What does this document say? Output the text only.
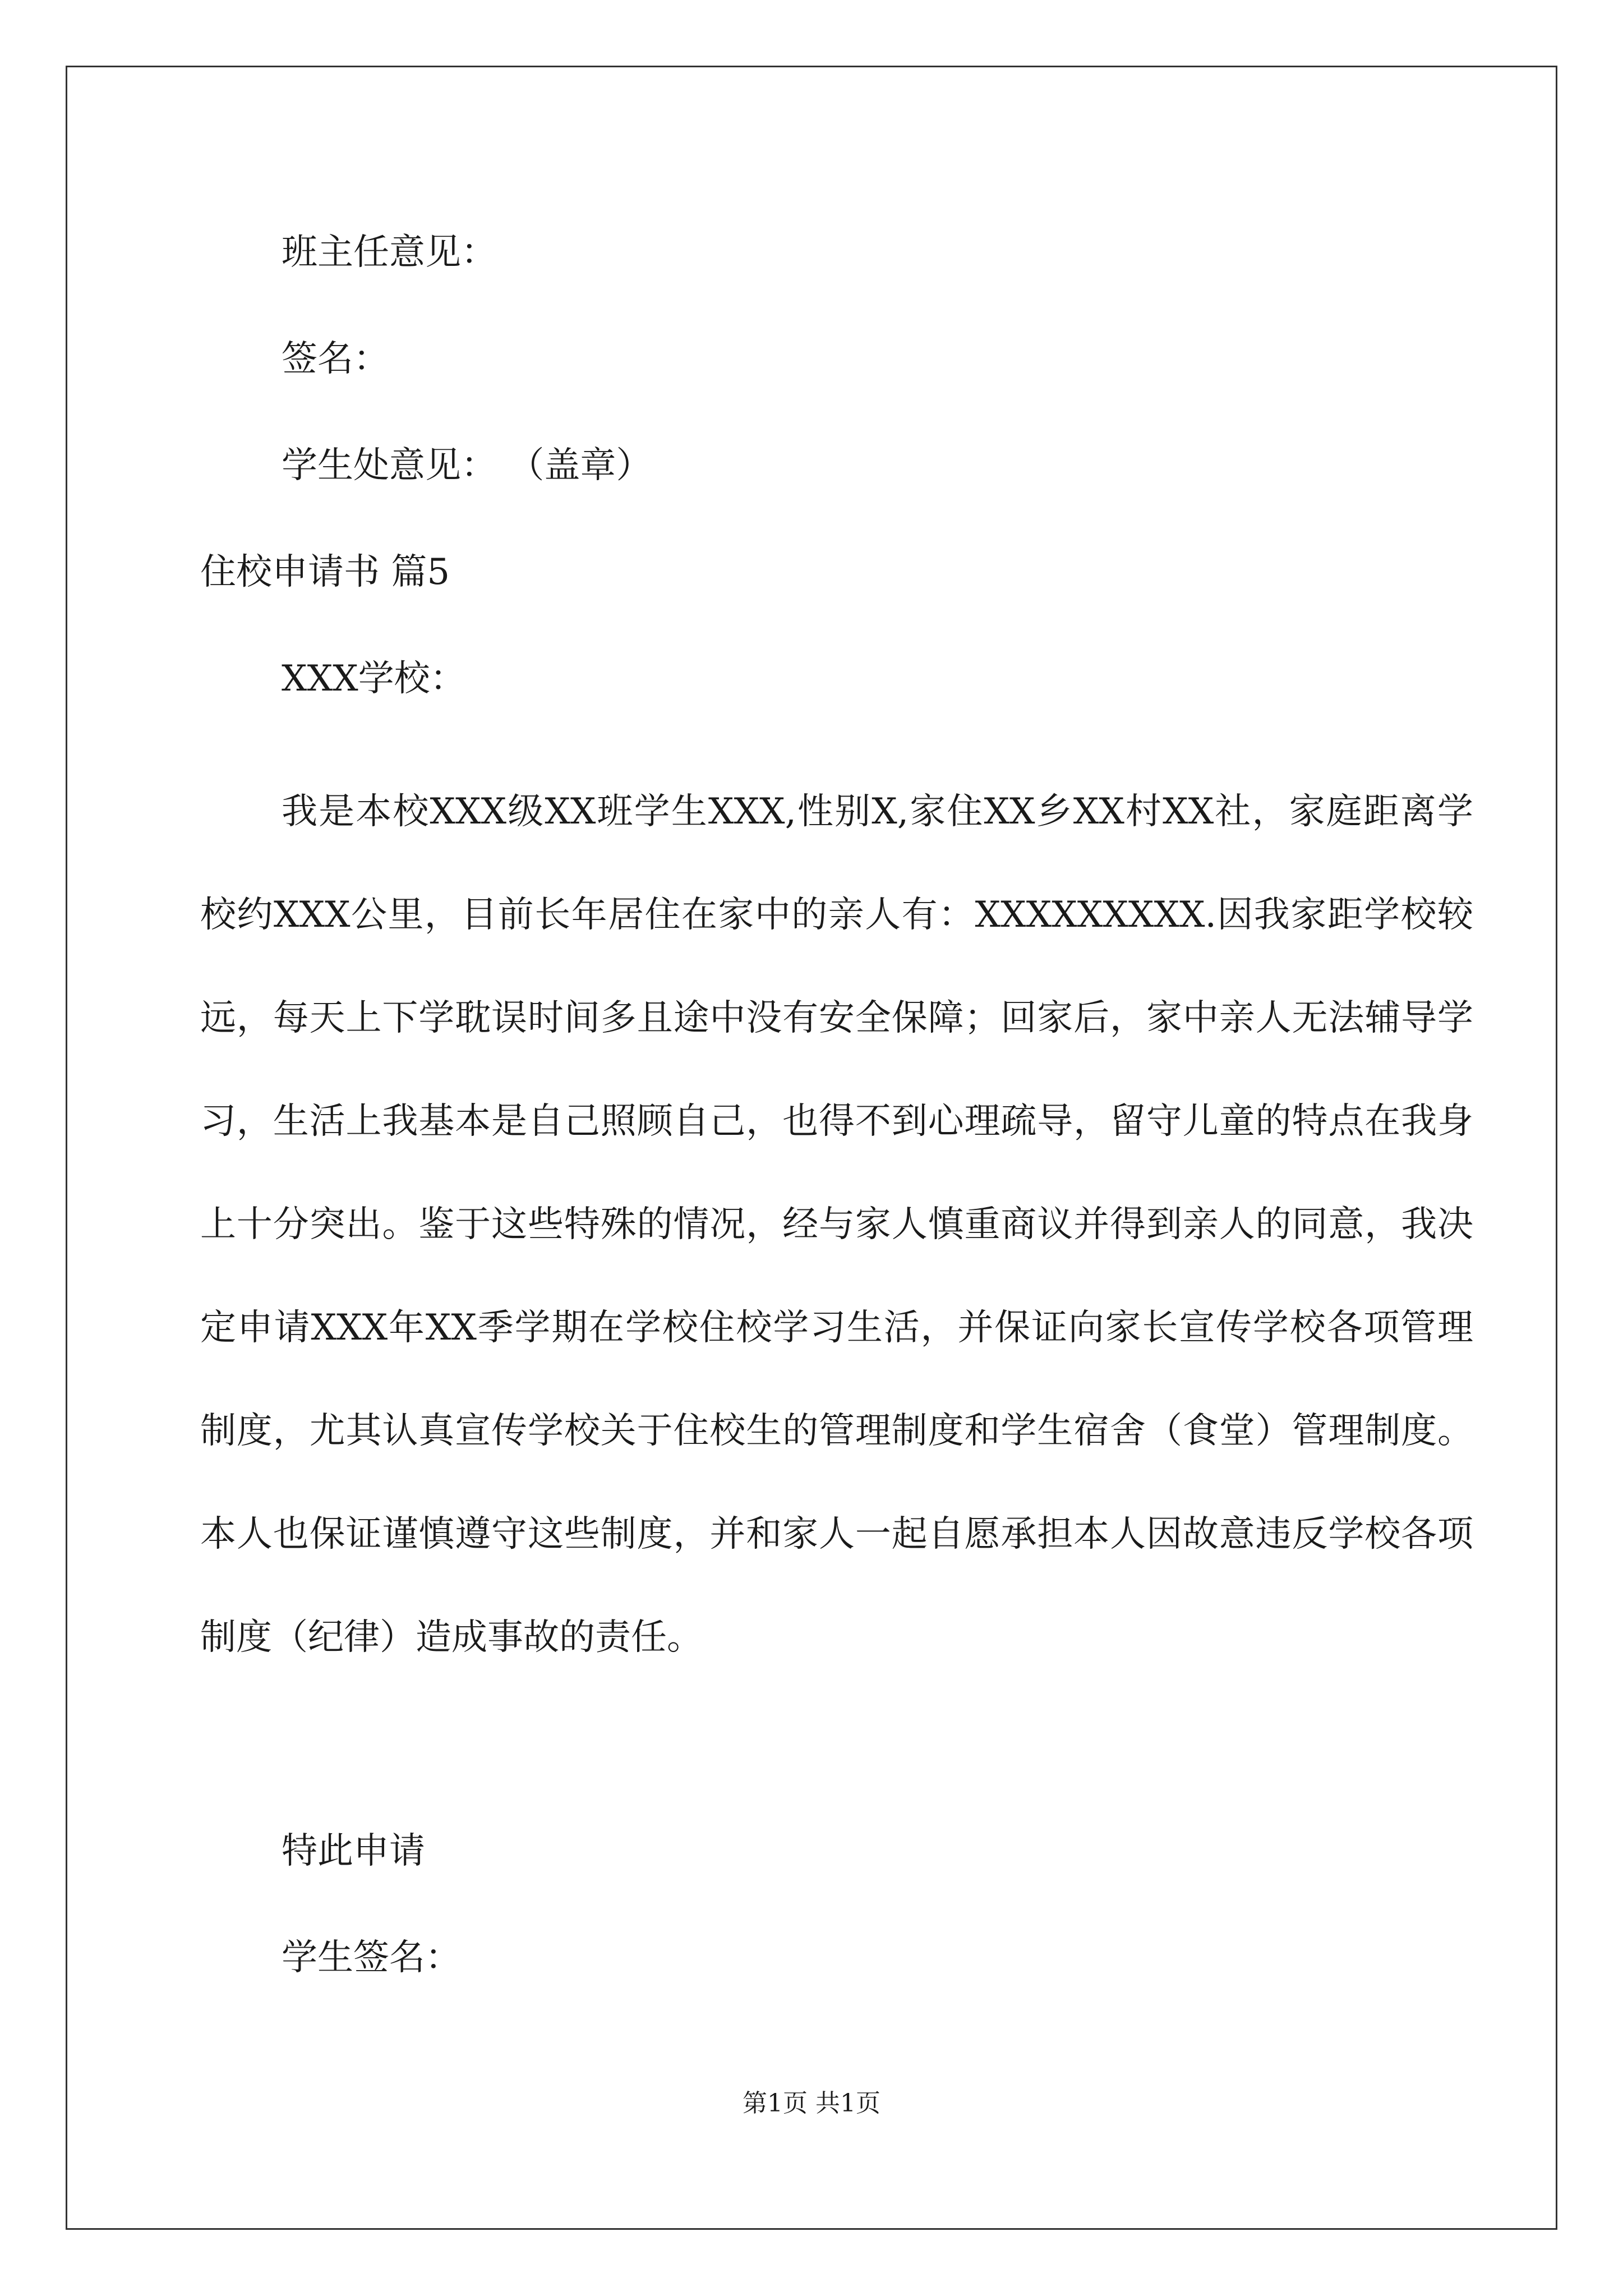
班主任意见：

签名：

学生处意见： （盖章）

住校申请书 篇5

XXX学校：

我是本校XXX级XX班学生XXX,性别X,家住XX乡XX村XX社，家庭距离学校约XXX公里，目前长年居住在家中的亲人有：XXXXXXXXX.因我家距学校较远，每天上下学耽误时间多且途中没有安全保障；回家后，家中亲人无法辅导学习，生活上我基本是自己照顾自己，也得不到心理疏导，留守儿童的特点在我身上十分突出。鉴于这些特殊的情况，经与家人慎重商议并得到亲人的同意，我决定申请XXX年XX季学期在学校住校学习生活，并保证向家长宣传学校各项管理制度，尤其认真宣传学校关于住校生的管理制度和学生宿舍（食堂）管理制度。本人也保证谨慎遵守这些制度，并和家人一起自愿承担本人因故意违反学校各项制度（纪律）造成事故的责任。

特此申请

学生签名：

第1页 共1页
